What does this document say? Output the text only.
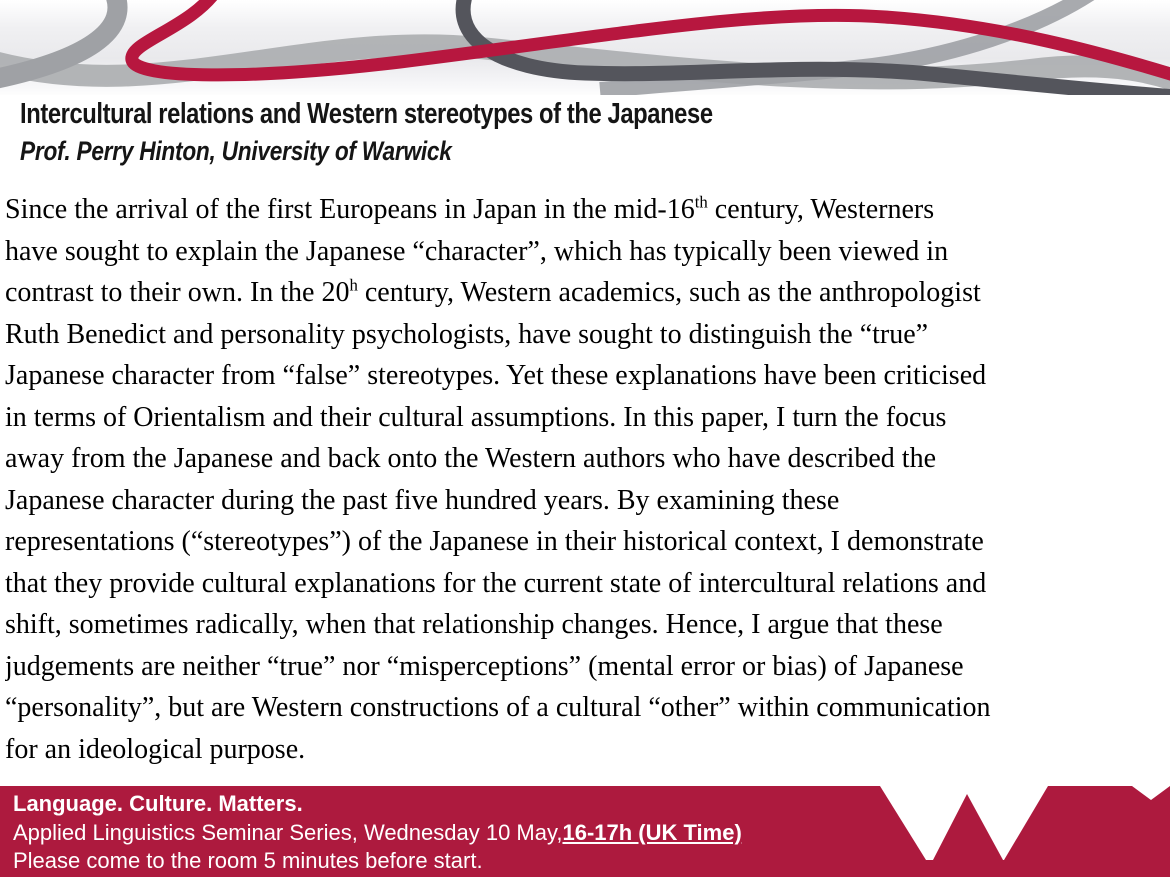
Intercultural relations and Western stereotypes of the Japanese
Prof. Perry Hinton, University of Warwick
Since the arrival of the first Europeans in Japan in the mid-16th century, Westerners
have sought to explain the Japanese “character”, which has typically been viewed in
contrast to their own. In the 20$^h$ century, Western academics, such as the anthropologist
Ruth Benedict and personality psychologists, have sought to distinguish the “true”
Japanese character from “false” stereotypes. Yet these explanations have been criticised
in terms of Orientalism and their cultural assumptions. In this paper, I turn the focus
away from the Japanese and back onto the Western authors who have described the
Japanese character during the past five hundred years. By examining these
representations (“stereotypes”) of the Japanese in their historical context, I demonstrate
that they provide cultural explanations for the current state of intercultural relations and
shift, sometimes radically, when that relationship changes. Hence, I argue that these
judgements are neither “true” nor “misperceptions” (mental error or bias) of Japanese
“personality”, but are Western constructions of a cultural “other” within communication
for an ideological purpose.
Language. Culture. Matters.
Applied Linguistics Seminar Series, Wednesday 10 May,16-17h (UK Time)
Please come to the room 5 minutes before start.
